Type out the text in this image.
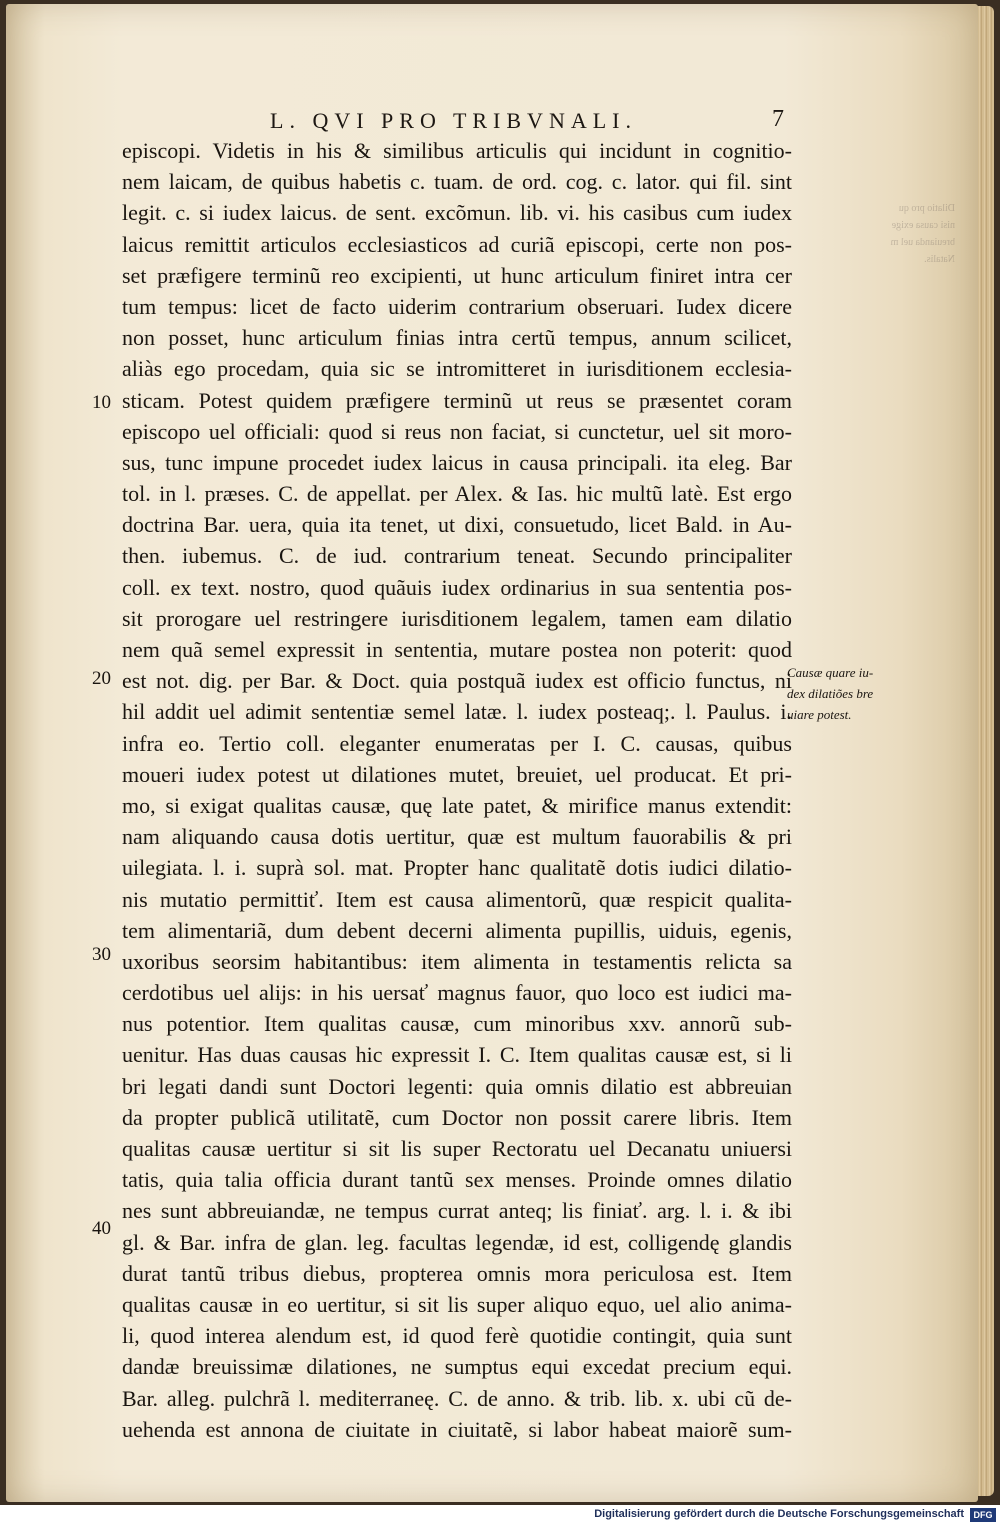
Dilatio pro qu
nisi causa exige
breuianda uel m
Natalis.
L. QVI PRO TRIBVNALI.	7
episcopi. Videtis in his & similibus articulis qui incidunt in cognitio-
nem laicam, de quibus habetis c. tuam. de ord. cog. c. lator. qui fil. sint
legit. c. si iudex laicus. de sent. excõmun. lib. vi. his casibus cum iudex
laicus remittit articulos ecclesiasticos ad curiã episcopi, certe non pos-
set præfigere terminũ reo excipienti, ut hunc articulum finiret intra cer
tum tempus: licet de facto uiderim contrarium obseruari. Iudex dicere
non posset, hunc articulum finias intra certũ tempus, annum scilicet,
aliàs ego procedam, quia sic se intromitteret in iurisditionem ecclesia-
sticam. Potest quidem præfigere terminũ ut reus se præsentet coram
episcopo uel officiali: quod si reus non faciat, si cunctetur, uel sit moro-
sus, tunc impune procedet iudex laicus in causa principali. ita eleg. Bar
tol. in l. præses. C. de appellat. per Alex. & Ias. hic multũ latè. Est ergo
doctrina Bar. uera, quia ita tenet, ut dixi, consuetudo, licet Bald. in Au-
then. iubemus. C. de iud. contrarium teneat. Secundo principaliter
coll. ex text. nostro, quod quãuis iudex ordinarius in sua sententia pos-
sit prorogare uel restringere iurisditionem legalem, tamen eam dilatio
nem quã semel expressit in sententia, mutare postea non poterit: quod
est not. dig. per Bar. & Doct. quia postquã iudex est officio functus, ni
hil addit uel adimit sententiæ semel latæ. l. iudex posteaq;. l. Paulus. i.
infra eo. Tertio coll. eleganter enumeratas per I. C. causas, quibus
moueri iudex potest ut dilationes mutet, breuiet, uel producat. Et pri-
mo, si exigat qualitas causæ, quę late patet, & mirifice manus extendit:
nam aliquando causa dotis uertitur, quæ est multum fauorabilis & pri
uilegiata. l. i. suprà sol. mat. Propter hanc qualitatẽ dotis iudici dilatio-
nis mutatio permittiť. Item est causa alimentorũ, quæ respicit qualita-
tem alimentariã, dum debent decerni alimenta pupillis, uiduis, egenis,
uxoribus seorsim habitantibus: item alimenta in testamentis relicta sa
cerdotibus uel alijs: in his uersať magnus fauor, quo loco est iudici ma-
nus potentior. Item qualitas causæ, cum minoribus xxv. annorũ sub-
uenitur. Has duas causas hic expressit I. C. Item qualitas causæ est, si li
bri legati dandi sunt Doctori legenti: quia omnis dilatio est abbreuian
da propter publicã utilitatẽ, cum Doctor non possit carere libris. Item
qualitas causæ uertitur si sit lis super Rectoratu uel Decanatu uniuersi
tatis, quia talia officia durant tantũ sex menses. Proinde omnes dilatio
nes sunt abbreuiandæ, ne tempus currat anteq; lis finiať. arg. l. i. & ibi
gl. & Bar. infra de glan. leg. facultas legendæ, id est, colligendę glandis
durat tantũ tribus diebus, propterea omnis mora periculosa est. Item
qualitas causæ in eo uertitur, si sit lis super aliquo equo, uel alio anima-
li, quod interea alendum est, id quod ferè quotidie contingit, quia sunt
dandæ breuissimæ dilationes, ne sumptus equi excedat precium equi.
Bar. alleg. pulchrã l. mediterraneę. C. de anno. & trib. lib. x. ubi cũ de-
uehenda est annona de ciuitate in ciuitatẽ, si labor habeat maiorẽ sum-
10
20
30
40
Causæ quare iu-
dex dilatiões bre
uiare potest.
Digitalisierung gefördert durch die Deutsche Forschungsgemeinschaft	DFG
